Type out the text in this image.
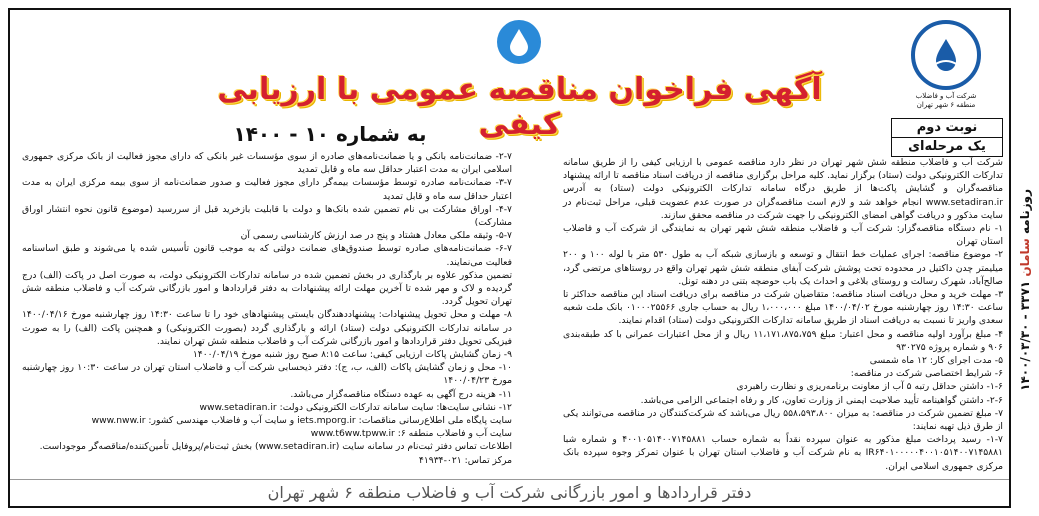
روزنامه سامان ۳۳۷۱ - ۱۴۰۰/۰۳/۳۰
شرکت آب و فاضلاب
منطقه ۶ شهر تهران
آگهی فراخوان مناقصه عمومی با ارزیابی کیفی
به شماره ۱۰ - ۱۴۰۰	نوبت دوم
یک مرحله‌ای

شرکت آب و فاضلاب منطقه شش شهر تهران در نظر دارد مناقصه عمومی با ارزیابی کیفی را از طریق سامانه تدارکات الکترونیکی دولت (ستاد) برگزار نماید. کلیه مراحل برگزاری مناقصه از دریافت اسناد مناقصه تا ارائه پیشنهاد مناقصه‌گران و گشایش پاکت‌ها از طریق درگاه سامانه تدارکات الکترونیکی دولت (ستاد) به آدرس www.setadiran.ir انجام خواهد شد و لازم است مناقصه‌گران در صورت عدم عضویت قبلی، مراحل ثبت‌نام در سایت مذکور و دریافت گواهی امضای الکترونیکی را جهت شرکت در مناقصه محقق سازند.

۱- نام دستگاه مناقصه‌گزار: شرکت آب و فاضلاب منطقه شش شهر تهران به نمایندگی از شرکت آب و فاضلاب استان تهران

۲- موضوع مناقصه: اجرای عملیات خط انتقال و توسعه و بازسازی شبکه آب به طول ۵۳۰ متر با لوله ۱۰۰ و ۲۰۰ میلیمتر چدن داکتیل در محدوده تحت پوشش شرکت آبفای منطقه شش شهر تهران واقع در روستاهای مرتضی گرد، صالح‌آباد، شهرک رسالت و روستای بلاغی و احداث یک باب حوضچه بتنی در دهنه تونل.

۳- مهلت خرید و محل دریافت اسناد مناقصه: متقاضیان شرکت در مناقصه برای دریافت اسناد این مناقصه حداکثر تا ساعت ۱۴:۳۰ روز چهارشنبه مورخ ۱۴۰۰/۰۴/۰۲ مبلغ ۱،۰۰۰،۰۰۰ ریال به حساب جاری ۰۱۰۰۰۲۵۵۶۶ بانک ملت شعبه سعدی واریز تا نسبت به دریافت اسناد از طریق سامانه تدارکات الکترونیکی دولت (ستاد) اقدام نمایند.

۴- مبلغ برآورد اولیه مناقصه و محل اعتبار: مبلغ ۱۱،۱۷۱،۸۷۵،۷۵۹ ریال و از محل اعتبارات عمرانی با کد طبقه‌بندی ۹۰۶ و شماره پروژه ۹۳۰۲۷۵

۵- مدت اجرای کار: ۱۲ ماه شمسی

۶- شرایط اختصاصی شرکت در مناقصه:

۱-۶- داشتن حداقل رتبه ۵ آب از معاونت برنامه‌ریزی و نظارت راهبردی

۲-۶- داشتن گواهینامه تأیید صلاحیت ایمنی از وزارت تعاون، کار و رفاه اجتماعی الزامی می‌باشد.

۷- مبلغ تضمین شرکت در مناقصه: به میزان ۵۵۸،۵۹۳،۸۰۰ ریال می‌باشد که شرکت‌کنندگان در مناقصه می‌توانند یکی از طرق ذیل تهیه نمایند:

۱-۷- رسید پرداخت مبلغ مذکور به عنوان سپرده نقداً به شماره حساب ۴۰۰۱۰۵۱۴۰۰۷۱۴۵۸۸۱ و شماره شبا IR۶۴۰۱۰۰۰۰۰۴۰۰۱۰۵۱۴۰۰۷۱۴۵۸۸۱ به نام شرکت آب و فاضلاب استان تهران با عنوان تمرکز وجوه سپرده بانک مرکزی جمهوری اسلامی ایران.

۲-۷- ضمانت‌نامه بانکی و یا ضمانت‌نامه‌های صادره از سوی مؤسسات غیر بانکی که دارای مجوز فعالیت از بانک مرکزی جمهوری اسلامی ایران به مدت اعتبار حداقل سه ماه و قابل تمدید

۳-۷- ضمانت‌نامه صادره توسط مؤسسات بیمه‌گر دارای مجوز فعالیت و صدور ضمانت‌نامه از سوی بیمه مرکزی ایران به مدت اعتبار حداقل سه ماه و قابل تمدید

۴-۷- اوراق مشارکت بی نام تضمین شده بانک‌ها و دولت با قابلیت بازخرید قبل از سررسید (موضوع قانون نحوه انتشار اوراق مشارکت)

۵-۷- وثیقه ملکی معادل هشتاد و پنج در صد ارزش کارشناسی رسمی آن

۶-۷- ضمانت‌نامه‌های صادره توسط صندوق‌های ضمانت دولتی که به موجب قانون تأسیس شده یا می‌شوند و طبق اساسنامه فعالیت می‌نمایند.

تضمین مذکور علاوه بر بارگذاری در بخش تضمین شده در سامانه تدارکات الکترونیکی دولت، به صورت اصل در پاکت (الف) درج گردیده و لاک و مهر شده تا آخرین مهلت ارائه پیشنهادات به دفتر قراردادها و امور بازرگانی شرکت آب و فاضلاب منطقه شش تهران تحویل گردد.

۸- مهلت و محل تحویل پیشنهادات: پیشنهاددهندگان بایستی پیشنهادهای خود را تا ساعت ۱۴:۳۰ روز چهارشنبه مورخ ۱۴۰۰/۰۴/۱۶ در سامانه تدارکات الکترونیکی دولت (ستاد) ارائه و بارگذاری گردد (بصورت الکترونیکی) و همچنین پاکت (الف) را به صورت فیزیکی تحویل دفتر قراردادها و امور بازرگانی شرکت آب و فاضلاب منطقه شش تهران نمایند.

۹- زمان گشایش پاکات ارزیابی کیفی: ساعت ۸:۱۵ صبح روز شنبه مورخ ۱۴۰۰/۰۴/۱۹

۱۰- محل و زمان گشایش پاکات (الف، ب، ج): دفتر ذیحسابی شرکت آب و فاضلاب استان تهران در ساعت ۱۰:۳۰ روز چهارشنبه مورخ ۱۴۰۰/۰۴/۲۳

۱۱- هزینه درج آگهی به عهده دستگاه مناقصه‌گزار می‌باشد.

۱۲- نشانی سایت‌ها: سایت سامانه تدارکات الکترونیکی دولت: www.setadiran.ir

سایت پایگاه ملی اطلاع‌رسانی مناقصات: iets.mporg.ir و سایت آب و فاضلاب مهندسی کشور: www.nww.ir

سایت آب و فاضلاب منطقه ۶: www.t6ww.tpww.ir

اطلاعات تماس دفتر ثبت‌نام در سامانه سایت (www.setadiran.ir) بخش ثبت‌نام/پروفایل تأمین‌کننده/مناقصه‌گر موجوداست.

مرکز تماس: ۰۲۱-۴۱۹۳۴

دفتر قراردادها و امور بازرگانی شرکت آب و فاضلاب منطقه ۶ شهر تهران
